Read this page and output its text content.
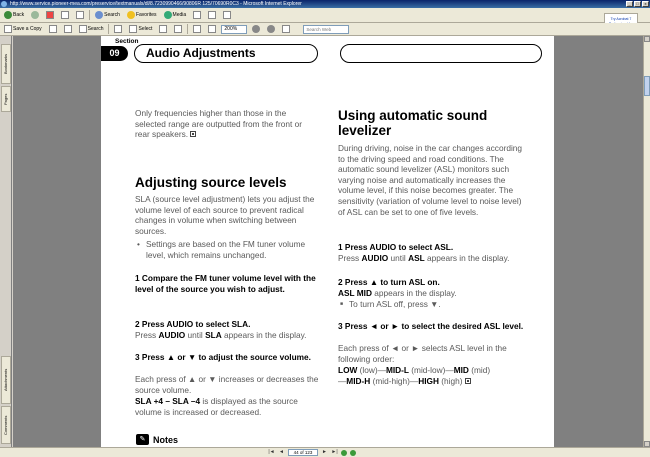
http://www.service.pioneer-mea.com/preservice/textmanuals/dl/8.7230990466/90806R 125/70690R0C3 - Microsoft Internet Explorer	_	□	x
Back	Search	Favorites	Media
Try Acrobat 7
Save a Copy	Search	Select	200%	Search Web
Bookmarks
Pages
Attachments
Comments
Section
09	Audio Adjustments

Only frequencies higher than those in the selected range are outputted from the front or rear speakers.

Adjusting source levels

SLA (source level adjustment) lets you adjust the volume level of each source to prevent radical changes in volume when switching between sources.

• Settings are based on the FM tuner volume level, which remains unchanged.

1 Compare the FM tuner volume level with the level of the source you wish to adjust.

2 Press AUDIO to select SLA.

Press AUDIO until SLA appears in the display.

3 Press ▲ or ▼ to adjust the source volume.

Each press of ▲ or ▼ increases or decreases the source volume.

SLA +4 – SLA –4 is displayed as the source volume is increased or decreased.

✎ Notes
Using automatic sound levelizer

During driving, noise in the car changes according to the driving speed and road conditions. The automatic sound levelizer (ASL) monitors such varying noise and automatically increases the volume level, if this noise becomes greater. The sensitivity (variation of volume level to noise level) of ASL can be set to one of five levels.

1 Press AUDIO to select ASL.

Press AUDIO until ASL appears in the display.

2 Press ▲ to turn ASL on.

ASL MID appears in the display.

■ To turn ASL off, press ▼.

3 Press ◄ or ► to select the desired ASL level.

Each press of ◄ or ► selects ASL level in the following order:

LOW (low)—MID-L (mid-low)—MID (mid)
—MID-H (mid-high)—HIGH (high)

|◄ ◄	44 of 123	► ►|
